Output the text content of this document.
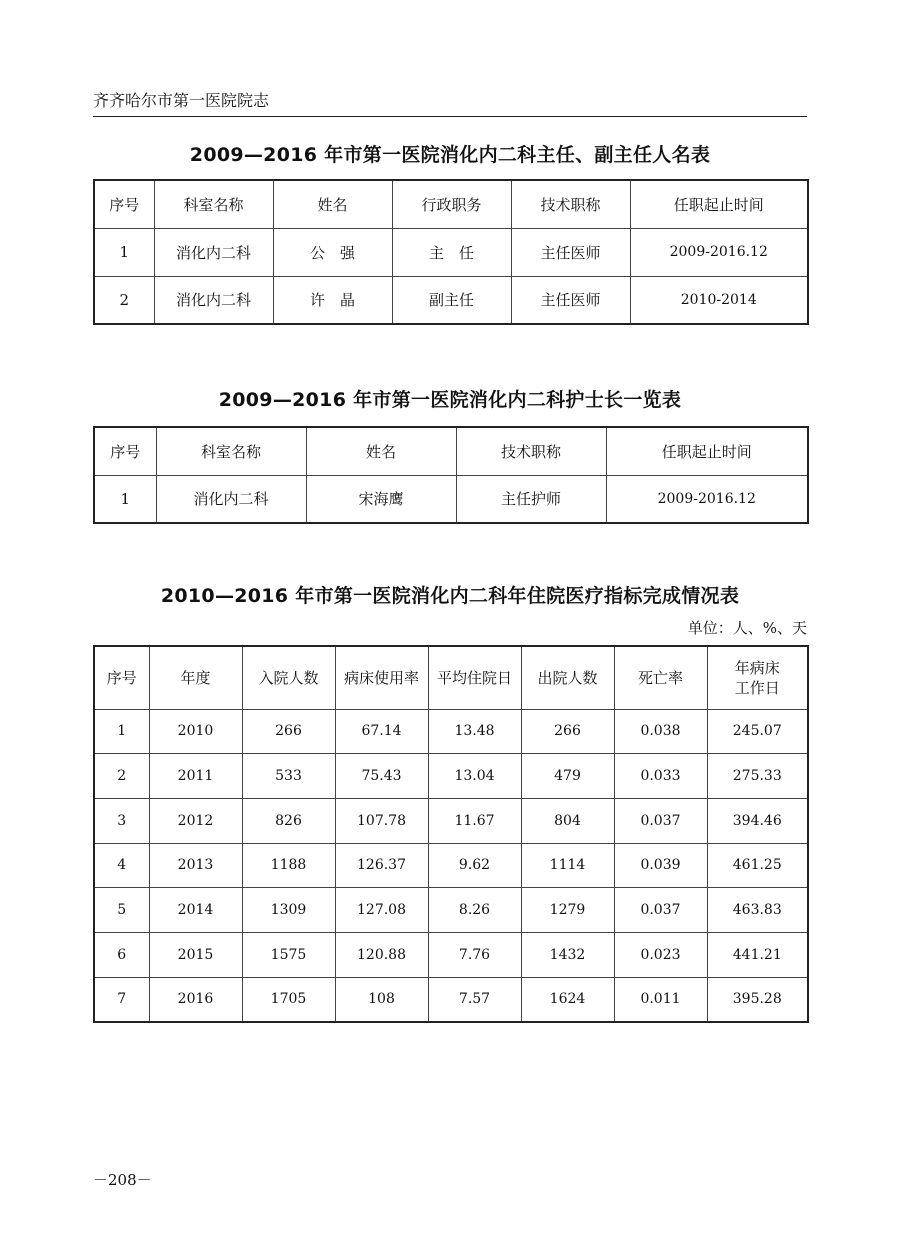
齐齐哈尔市第一医院院志
2009—2016 年市第一医院消化内二科主任、副主任人名表
序号	科室名称	姓名	行政职务	技术职称	任职起止时间
1	消化内二科	公　强	主　任	主任医师	2009-2016.12
2	消化内二科	许　晶	副主任	主任医师	2010-2014
2009—2016 年市第一医院消化内二科护士长一览表
序号	科室名称	姓名	技术职称	任职起止时间
1	消化内二科	宋海鹰	主任护师	2009-2016.12
2010—2016 年市第一医院消化内二科年住院医疗指标完成情况表
单位：人、%、天
序号	年度	入院人数	病床使用率	平均住院日	出院人数	死亡率	年病床
工作日
1	2010	266	67.14	13.48	266	0.038	245.07
2	2011	533	75.43	13.04	479	0.033	275.33
3	2012	826	107.78	11.67	804	0.037	394.46
4	2013	1188	126.37	9.62	1114	0.039	461.25
5	2014	1309	127.08	8.26	1279	0.037	463.83
6	2015	1575	120.88	7.76	1432	0.023	441.21
7	2016	1705	108	7.57	1624	0.011	395.28
－208－
